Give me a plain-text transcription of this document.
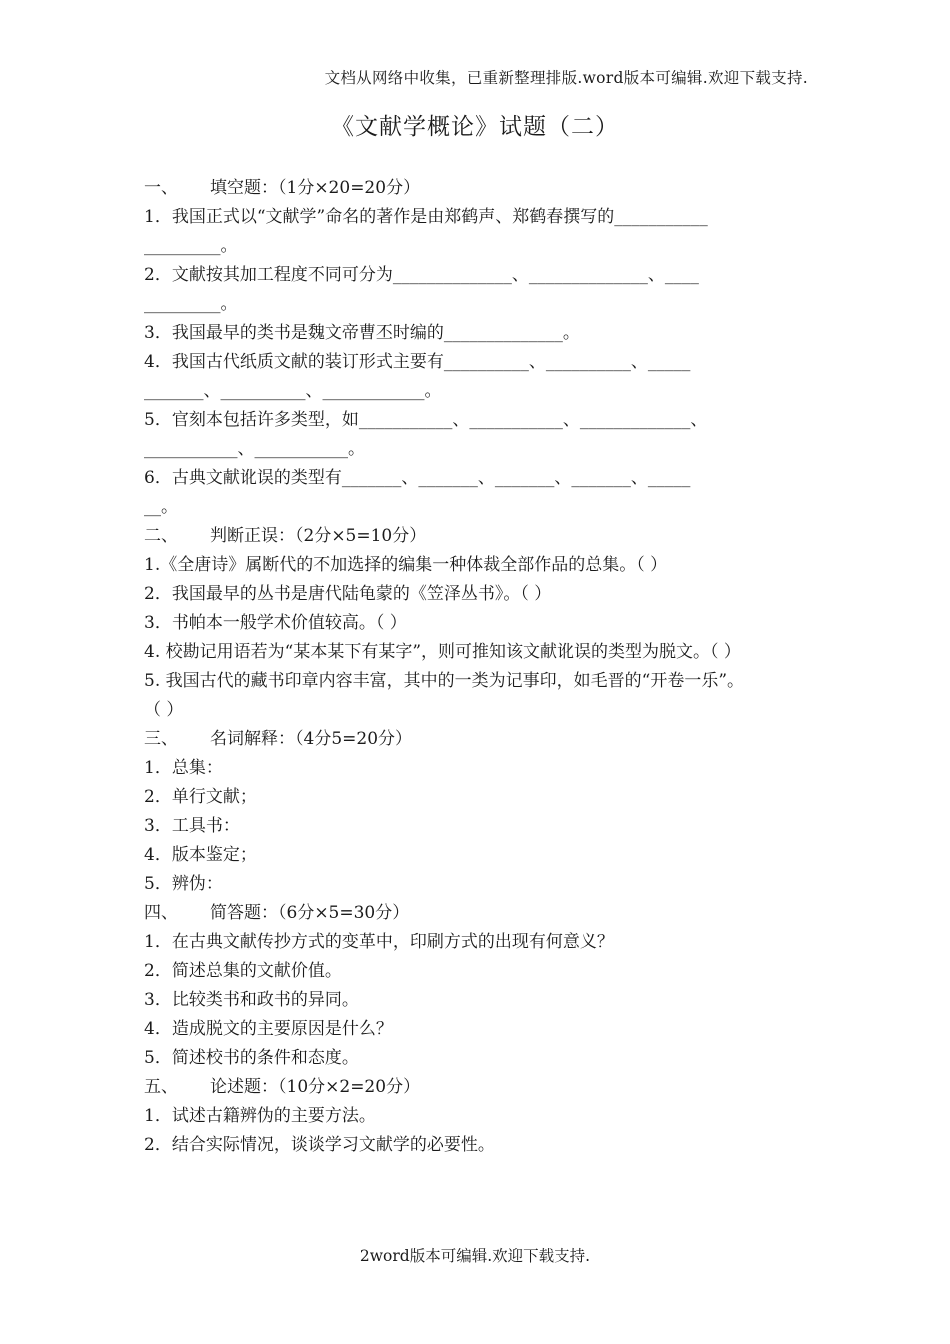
文档从网络中收集，已重新整理排版.word版本可编辑.欢迎下载支持.
《文献学概论》试题（二）
一、 填空题：（1分×20=20分）
1．我国正式以“文献学”命名的著作是由郑鹤声、郑鹤春撰写的___________
_________。
2．文献按其加工程度不同可分为______________、______________、____
_________。
3．我国最早的类书是魏文帝曹丕时编的______________。
4．我国古代纸质文献的装订形式主要有__________、__________、_____
_______、__________、____________。
5．官刻本包括许多类型，如___________、___________、_____________、
___________、___________。
6．古典文献讹误的类型有_______、_______、_______、_______、_____
__。
二、 判断正误：（2分×5=10分）
1.《全唐诗》属断代的不加选择的编集一种体裁全部作品的总集。（ ）
2．我国最早的丛书是唐代陆龟蒙的《笠泽丛书》。（ ）
3．书帕本一般学术价值较高。（ ）
4. 校勘记用语若为“某本某下有某字”，则可推知该文献讹误的类型为脱文。（ ）
5. 我国古代的藏书印章内容丰富，其中的一类为记事印，如毛晋的“开卷一乐”。
（ ）
三、 名词解释：（4分5=20分）
1．总集：
2．单行文献；
3．工具书：
4．版本鉴定；
5．辨伪：
四、 简答题：（6分×5=30分）
1．在古典文献传抄方式的变革中，印刷方式的出现有何意义？
2．简述总集的文献价值。
3．比较类书和政书的异同。
4．造成脱文的主要原因是什么？
5．简述校书的条件和态度。
五、 论述题：（10分×2=20分）
1．试述古籍辨伪的主要方法。
2．结合实际情况，谈谈学习文献学的必要性。
2word版本可编辑.欢迎下载支持.
